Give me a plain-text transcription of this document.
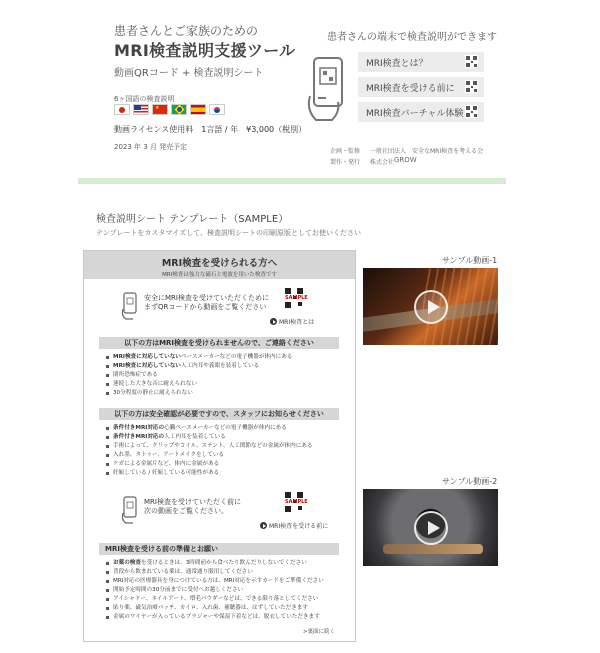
患者さんとご家族のための
MRI検査説明支援ツール
動画QRコード + 検査説明シート
6ヶ国語の検査説明
★
動画ライセンス使用料　1言語 / 年　¥3,000（税別）
2023 年 3 月 発売予定
患者さんの端末で検査説明ができます
MRI検査とは？
MRI検査を受ける前に
MRI検査バーチャル体験
企画・監修 一般社団法人　安全なMRI検査を考える会
製作・発行 株式会社 GROW
検査説明シート テンプレート（SAMPLE）
テンプレートをカスタマイズして、検査説明シートの印刷原版としてお使いください
MRI検査を受けられる方へ
MRI検査は強力な磁石と電波を用いた検査です
安全にMRI検査を受けていただくために
まずQRコードから動画をご覧ください
SAMPLE
MRI検査とは
以下の方はMRI検査を受けられませんので、ご連絡ください
MRI検査に対応していないペースメーカーなどの電子機器が体内にある
MRI検査に対応していない人工内耳や義眼を装着している
閉所恐怖症である
連続した大きな音に耐えられない
30分程度の静止に耐えられない
以下の方は安全確認が必要ですので、スタッフにお知らせください
条件付きMRI対応の心臓ペースメーカーなどの電子機器が体内にある
条件付きMRI対応の人工内耳を装着している
手術によって、クリップやコイル、ステント、人工関節などの金属が体内にある
入れ墨、タトゥー、アートメイクをしている
ケガによる金属片など、体内に金属がある
妊娠している / 妊娠している可能性がある
MRI検査を受けていただく前に
次の動画をご覧ください。
SAMPLE
MRI検査を受ける前に
MRI検査を受ける前の準備とお願い
お薬の検査を受けるときは、3時間前から食べたり飲んだりしないでください
普段から飲まれている薬は、通常通り服用してください
MRI対応の医療器具を身につけている方は、MRI対応を示すカードをご準備ください
開始予定時間の30分前までに受付へお越しください
アイシャドー、ネイルアート、増毛パウダーなどは、できる限り落としてください
貼り薬、磁気治療パッチ、カイロ、入れ歯、補聴器は、はずしていただきます
金属のワイヤーが入っているブラジャーや保湿下着などは、脱衣していただきます
>裏面に続く
サンプル動画-1
サンプル動画-2
